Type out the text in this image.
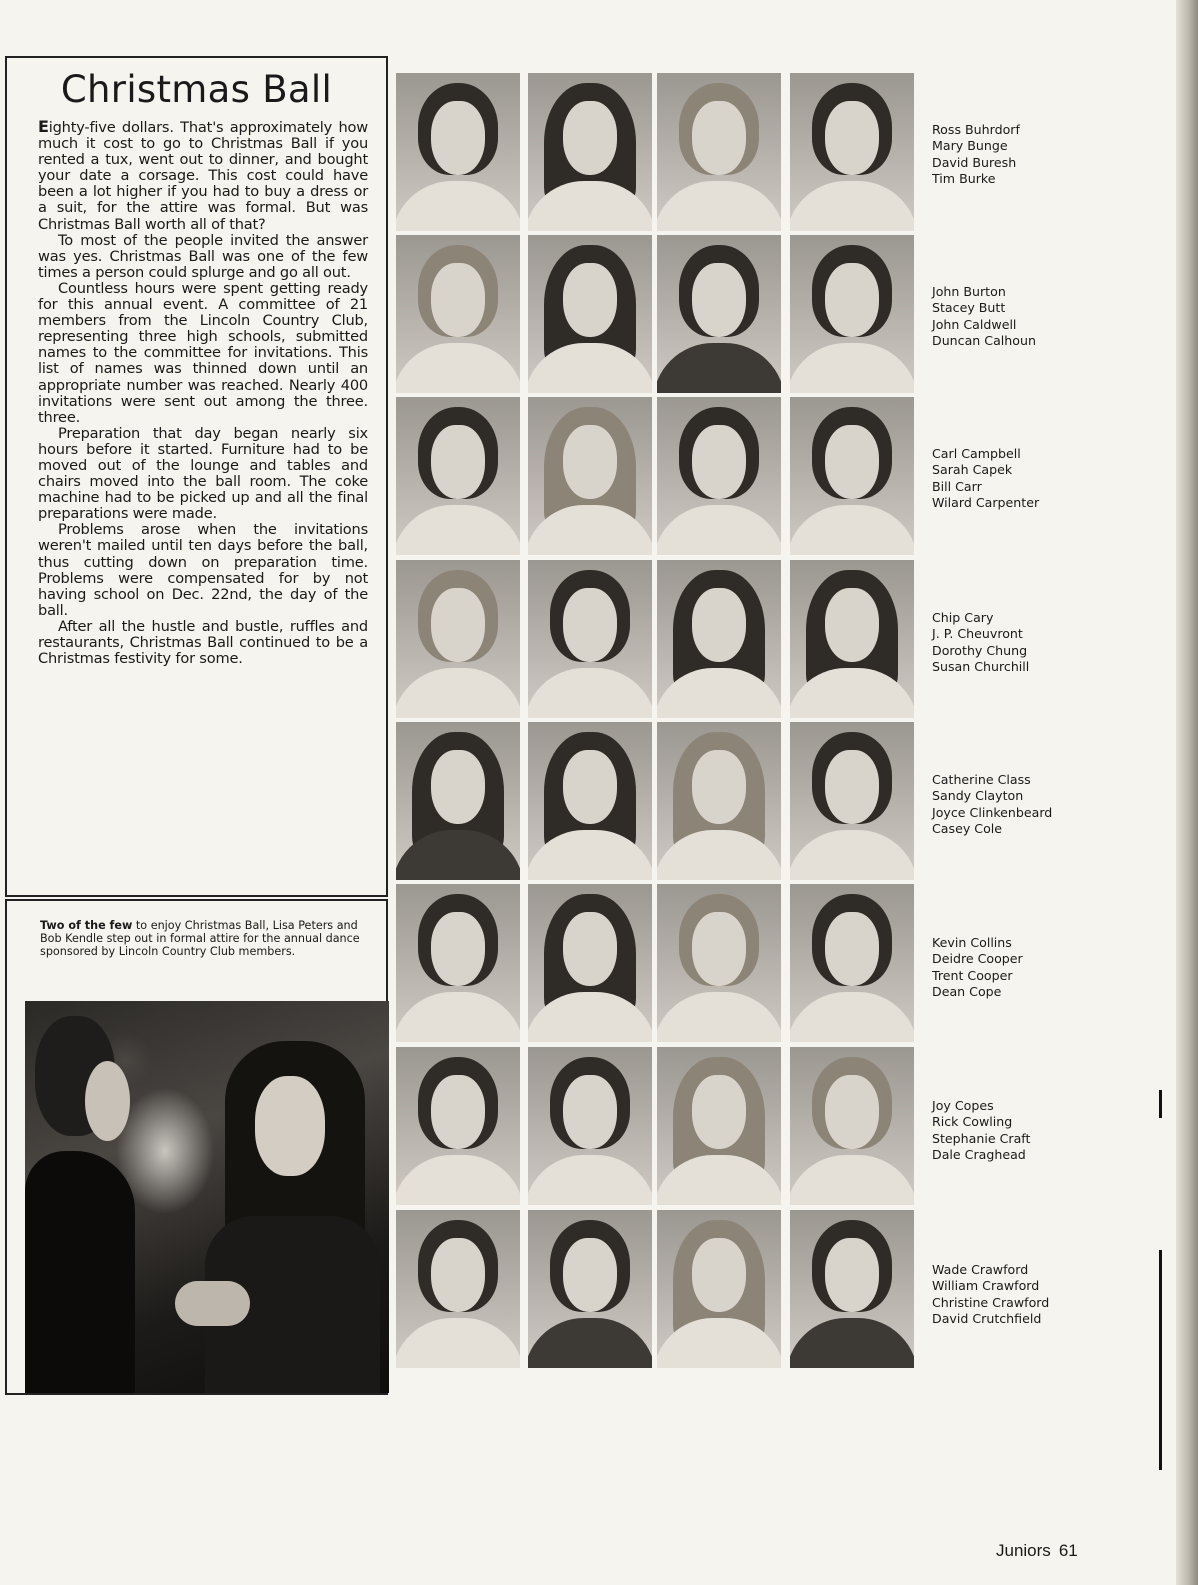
Christmas Ball

Eighty-five dollars. That's approximately how much it cost to go to Christmas Ball if you rented a tux, went out to dinner, and bought your date a corsage. This cost could have been a lot higher if you had to buy a dress or a suit, for the attire was formal. But was Christmas Ball worth all of that?

To most of the people invited the answer was yes. Christmas Ball was one of the few times a person could splurge and go all out.

Countless hours were spent getting ready for this annual event. A committee of 21 members from the Lincoln Country Club, representing three high schools, submitted names to the committee for invitations. This list of names was thinned down until an appropriate number was reached. Nearly 400 invitations were sent out among the three. three.

Preparation that day began nearly six hours before it started. Furniture had to be moved out of the lounge and tables and chairs moved into the ball room. The coke machine had to be picked up and all the final preparations were made.

Problems arose when the invitations weren't mailed until ten days before the ball, thus cutting down on preparation time. Problems were compensated for by not having school on Dec. 22nd, the day of the ball.

After all the hustle and bustle, ruffles and restaurants, Christmas Ball continued to be a Christmas festivity for some.

Two of the few to enjoy Christmas Ball, Lisa Peters and Bob Kendle step out in formal attire for the annual dance sponsored by Lincoln Country Club members.
Ross Buhrdorf
Mary Bunge
David Buresh
Tim Burke
John Burton
Stacey Butt
John Caldwell
Duncan Calhoun
Carl Campbell
Sarah Capek
Bill Carr
Wilard Carpenter
Chip Cary
J. P. Cheuvront
Dorothy Chung
Susan Churchill
Catherine Class
Sandy Clayton
Joyce Clinkenbeard
Casey Cole
Kevin Collins
Deidre Cooper
Trent Cooper
Dean Cope
Joy Copes
Rick Cowling
Stephanie Craft
Dale Craghead
Wade Crawford
William Crawford
Christine Crawford
David Crutchfield
Juniors 61
